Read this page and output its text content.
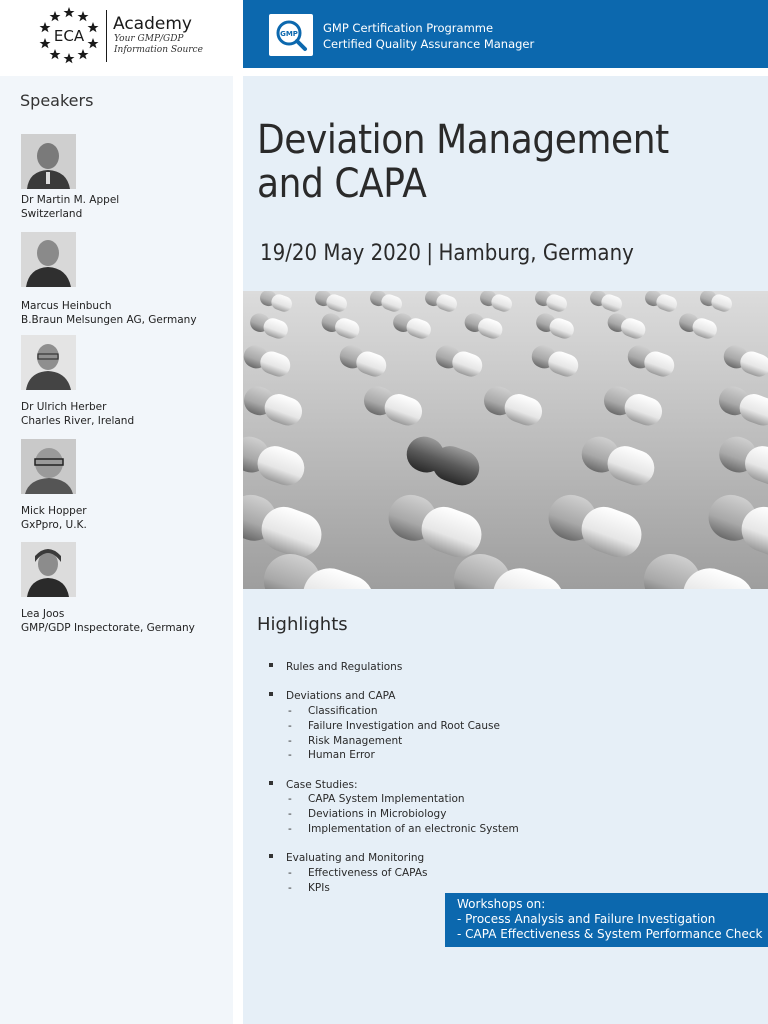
ECA
Academy
Your GMP/GDP
Information Source
GMP GMP Certification Programme
Certified Quality Assurance Manager
Speakers
Dr Martin M. Appel
Switzerland
Marcus Heinbuch
B.Braun Melsungen AG, Germany
Dr Ulrich Herber
Charles River, Ireland
Mick Hopper
GxPpro, U.K.
Lea Joos
GMP/GDP Inspectorate, Germany
Deviation Management
and CAPA
19/20 May 2020 | Hamburg, Germany
Highlights
Rules and Regulations
Deviations and CAPA
- Classification
- Failure Investigation and Root Cause
- Risk Management
- Human Error
Case Studies:
- CAPA System Implementation
- Deviations in Microbiology
- Implementation of an electronic System
Evaluating and Monitoring
- Effectiveness of CAPAs
- KPIs
Workshops on:
- Process Analysis and Failure Investigation
- CAPA Effectiveness & System Performance Check
